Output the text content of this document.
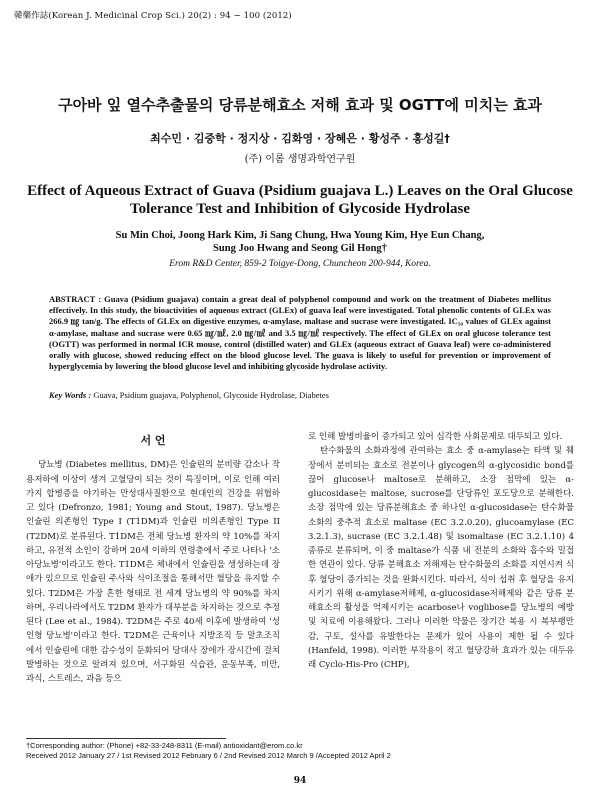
韓藥作誌(Korean J. Medicinal Crop Sci.) 20(2) : 94 − 100 (2012)
구아바 잎 열수추출물의 당류분해효소 저해 효과 및 OGTT에 미치는 효과
최수민 · 김중학 · 정지상 · 김화영 · 장혜은 · 황성주 · 홍성길†
(주) 이롬 생명과학연구원
Effect of Aqueous Extract of Guava (Psidium guajava L.) Leaves on the Oral Glucose
Tolerance Test and Inhibition of Glycoside Hydrolase
Su Min Choi, Joong Hark Kim, Ji Sang Chung, Hwa Young Kim, Hye Eun Chang,
Sung Joo Hwang and Seong Gil Hong†
Erom R&D Center, 859-2 Toigye-Dong, Chuncheon 200-944, Korea.
ABSTRACT : Guava (Psidium guajava) contain a great deal of polyphenol compound and work on the treatment of Diabetes mellitus effectively. In this study, the bioactivities of aqueous extract (GLEx) of guava leaf were investigated. Total phenolic contents of GLEx was 266.9 ㎎ tan/g. The effects of GLEx on digestive enzymes, α-amylase, maltase and sucrase were investigated. IC₅₀ values of GLEx against α-amylase, maltase and sucrase were 0.65 ㎎/㎖, 2.0 ㎎/㎖ and 3.5 ㎎/㎖ respectively. The effect of GLEx on oral glucose tolerance test (OGTT) was performed in normal ICR mouse, control (distilled water) and GLEx (aqueous extract of Guava leaf) were co-administered orally with glucose, showed reducing effect on the blood glucose level. The guava is likely to useful for prevention or improvement of hyperglycemia by lowering the blood glucose level and inhibiting glycoside hydrolase activity.
Key Words : Guava, Psidium guajava, Polyphenol, Glycoside Hydrolase, Diabetes
서 언

당뇨병 (Diabetes mellitus, DM)은 인슐린의 분비량 감소나 작용저하에 이상이 생겨 고혈당이 되는 것이 특징이며, 이로 인해 여러 가지 합병증을 야기하는 만성대사질환으로 현대인의 건강을 위협하고 있다 (Defronzo, 1981; Young and Stout, 1987). 당뇨병은 인슐린 의존형인 Type I (T1DM)과 인슐린 비의존형인 Type II (T2DM)로 분류된다. T1DM은 전체 당뇨병 환자의 약 10%를 차지하고, 유전적 소인이 강하며 20세 이하의 연령층에서 주로 나타나 '소아당뇨병'이라고도 한다. T1DM은 체내에서 인슐린을 생성하는데 장애가 있으므로 인슐린 주사와 식이조절을 통해서만 혈당을 유지할 수 있다. T2DM은 가장 흔한 형태로 전 세계 당뇨병의 약 90%를 차지하며, 우리나라에서도 T2DM 환자가 대부분을 차지하는 것으로 추정된다 (Lee et al., 1984). T2DM은 주로 40세 이후에 발생하여 '성인형 당뇨병'이라고 한다. T2DM은 근육이나 지방조직 등 말초조직에서 인슐린에 대한 감수성이 둔화되어 당대사 장애가 장시간에 걸쳐 발병하는 것으로 알려져 있으며, 서구화된 식습관, 운동부족, 비만, 과식, 스트레스, 과음 등으

로 인해 발병비율이 증가되고 있어 심각한 사회문제로 대두되고 있다.

탄수화물의 소화과정에 관여하는 효소 중 α-amylase는 타액 및 췌장에서 분비되는 효소로 전분이나 glycogen의 α-glycosidic bond를 끊어 glucose나 maltose로 분해하고, 소장 점막에 있는 α-glucosidase는 maltose, sucrose를 단당류인 포도당으로 분해한다. 소장 점막에 있는 당류분해효소 중 하나인 α-glucosidase는 탄수화물 소화의 중추적 효소로 maltase (EC 3.2.0.20), glucoamylase (EC 3.2.1.3), sucrase (EC 3.2.1.48) 및 isomaltase (EC 3.2.1.10) 4종류로 분류되며, 이 중 maltase가 식품 내 전분의 소화와 흡수와 밀접한 연관이 있다. 당류 분해효소 저해제는 탄수화물의 소화를 지연시켜 식후 혈당이 증가되는 것을 완화시킨다. 따라서, 식이 섭취 후 혈당을 유지시키기 위해 α-amylase저해제, α-glucosidase저해제와 같은 당류 분해효소의 활성을 억제시키는 acarbose나 voglibose를 당뇨병의 예방 및 치료에 이용해왔다. 그러나 이러한 약물은 장기간 복용 시 복부팽만감, 구토, 설사를 유발한다는 문제가 있어 사용이 제한 될 수 있다 (Hanfeld, 1998). 이러한 부작용이 적고 혈당강하 효과가 있는 대두유래 Cyclo-His-Pro (CHP),

†Corresponding author: (Phone) +82-33-248-8311 (E-mail) antioxidant@erom.co.kr
Received 2012 January 27 / 1st Revised 2012 February 6 / 2nd Revised 2012 March 9 /Accepted 2012 April 2
94
